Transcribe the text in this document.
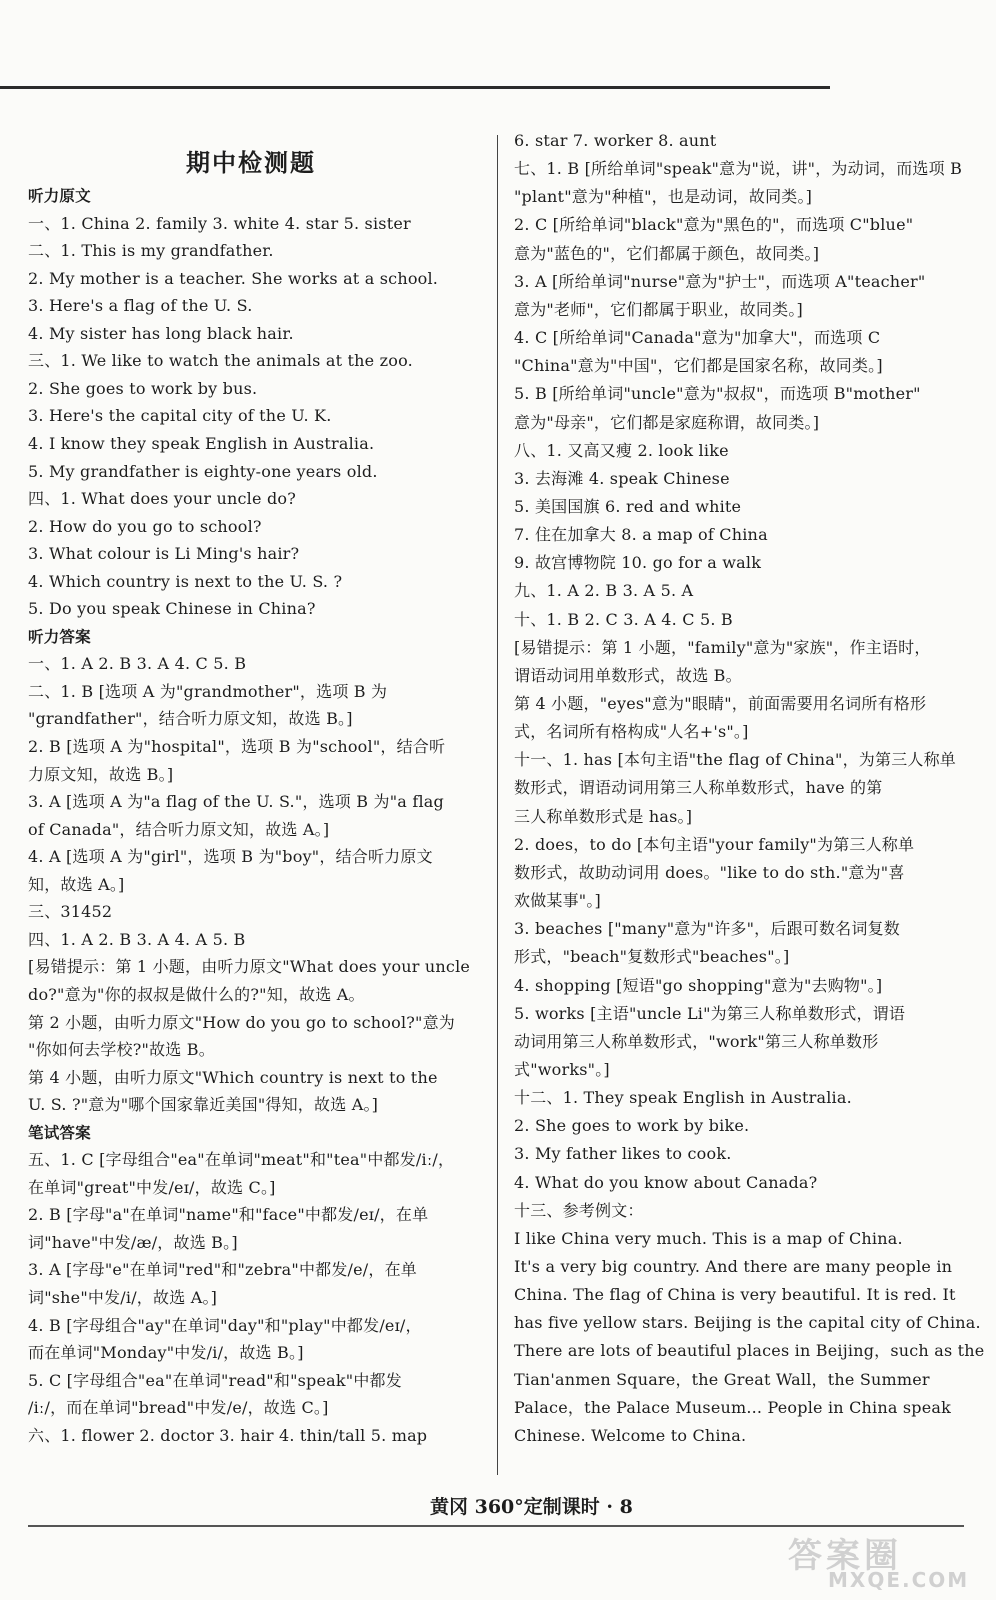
期中检测题
听力原文
一、1. China 2. family 3. white 4. star 5. sister
二、1. This is my grandfather.
2. My mother is a teacher. She works at a school.
3. Here's a flag of the U. S.
4. My sister has long black hair.
三、1. We like to watch the animals at the zoo.
2. She goes to work by bus.
3. Here's the capital city of the U. K.
4. I know they speak English in Australia.
5. My grandfather is eighty-one years old.
四、1. What does your uncle do?
2. How do you go to school?
3. What colour is Li Ming's hair?
4. Which country is next to the U. S. ?
5. Do you speak Chinese in China?
听力答案
一、1. A 2. B 3. A 4. C 5. B
二、1. B [选项 A 为"grandmother"，选项 B 为
"grandfather"，结合听力原文知，故选 B。]
2. B [选项 A 为"hospital"，选项 B 为"school"，结合听
力原文知，故选 B。]
3. A [选项 A 为"a flag of the U. S."，选项 B 为"a flag
of Canada"，结合听力原文知，故选 A。]
4. A [选项 A 为"girl"，选项 B 为"boy"，结合听力原文
知，故选 A。]
三、31452
四、1. A 2. B 3. A 4. A 5. B
[易错提示：第 1 小题，由听力原文"What does your uncle
do?"意为"你的叔叔是做什么的?"知，故选 A。
第 2 小题，由听力原文"How do you go to school?"意为
"你如何去学校?"故选 B。
第 4 小题，由听力原文"Which country is next to the
U. S. ?"意为"哪个国家靠近美国"得知，故选 A。]
笔试答案
五、1. C [字母组合"ea"在单词"meat"和"tea"中都发/iː/，
在单词"great"中发/eɪ/，故选 C。]
2. B [字母"a"在单词"name"和"face"中都发/eɪ/，在单
词"have"中发/æ/，故选 B。]
3. A [字母"e"在单词"red"和"zebra"中都发/e/，在单
词"she"中发/i/，故选 A。]
4. B [字母组合"ay"在单词"day"和"play"中都发/eɪ/，
而在单词"Monday"中发/i/，故选 B。]
5. C [字母组合"ea"在单词"read"和"speak"中都发
/iː/，而在单词"bread"中发/e/，故选 C。]
六、1. flower 2. doctor 3. hair 4. thin/tall 5. map
6. star 7. worker 8. aunt
七、1. B [所给单词"speak"意为"说，讲"，为动词，而选项 B
"plant"意为"种植"，也是动词，故同类。]
2. C [所给单词"black"意为"黑色的"，而选项 C"blue"
意为"蓝色的"，它们都属于颜色，故同类。]
3. A [所给单词"nurse"意为"护士"，而选项 A"teacher"
意为"老师"，它们都属于职业，故同类。]
4. C [所给单词"Canada"意为"加拿大"，而选项 C
"China"意为"中国"，它们都是国家名称，故同类。]
5. B [所给单词"uncle"意为"叔叔"，而选项 B"mother"
意为"母亲"，它们都是家庭称谓，故同类。]
八、1. 又高又瘦 2. look like
3. 去海滩 4. speak Chinese
5. 美国国旗 6. red and white
7. 住在加拿大 8. a map of China
9. 故宫博物院 10. go for a walk
九、1. A 2. B 3. A 5. A
十、1. B 2. C 3. A 4. C 5. B
[易错提示：第 1 小题，"family"意为"家族"，作主语时，
谓语动词用单数形式，故选 B。
第 4 小题，"eyes"意为"眼睛"，前面需要用名词所有格形
式，名词所有格构成"人名+'s"。]
十一、1. has [本句主语"the flag of China"，为第三人称单
数形式，谓语动词用第三人称单数形式，have 的第
三人称单数形式是 has。]
2. does，to do [本句主语"your family"为第三人称单
数形式，故助动词用 does。"like to do sth."意为"喜
欢做某事"。]
3. beaches ["many"意为"许多"，后跟可数名词复数
形式，"beach"复数形式"beaches"。]
4. shopping [短语"go shopping"意为"去购物"。]
5. works [主语"uncle Li"为第三人称单数形式，谓语
动词用第三人称单数形式，"work"第三人称单数形
式"works"。]
十二、1. They speak English in Australia.
2. She goes to work by bike.
3. My father likes to cook.
4. What do you know about Canada?
十三、参考例文：
I like China very much. This is a map of China.
It's a very big country. And there are many people in
China. The flag of China is very beautiful. It is red. It
has five yellow stars. Beijing is the capital city of China.
There are lots of beautiful places in Beijing，such as the
Tian'anmen Square，the Great Wall，the Summer
Palace，the Palace Museum... People in China speak
Chinese. Welcome to China.
黄冈 360°定制课时 · 8
答案圈
MXQE.COM
